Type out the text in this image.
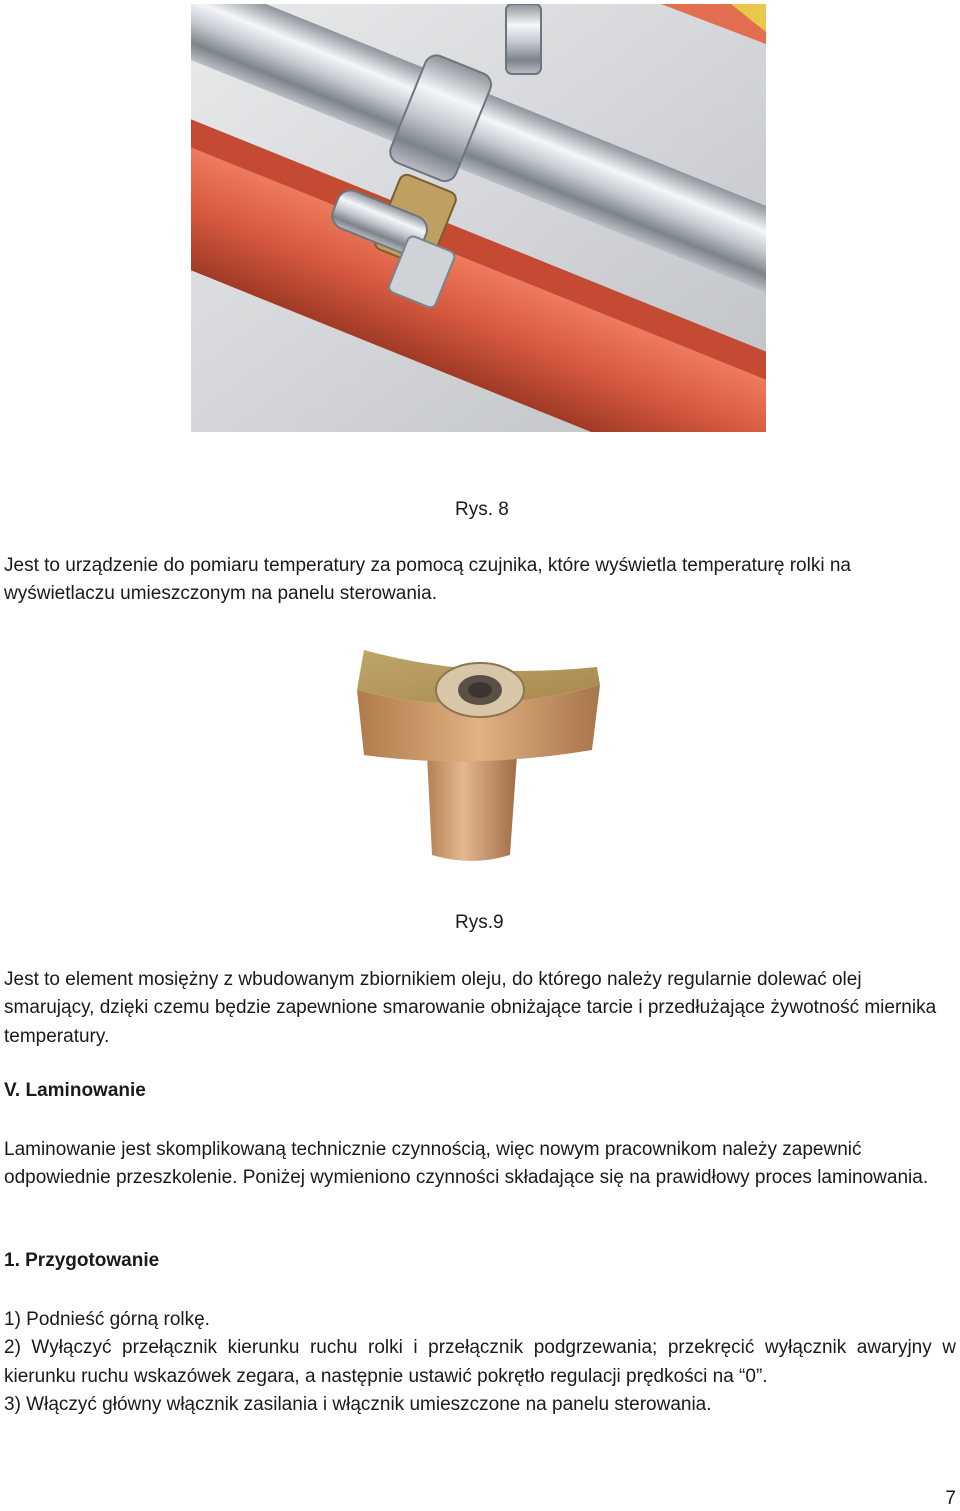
Rys. 8

Jest to urządzenie do pomiaru temperatury za pomocą czujnika, które wyświetla temperaturę rolki na wyświetlaczu umieszczonym na panelu sterowania.

Rys.9

Jest to element mosiężny z wbudowanym zbiornikiem oleju, do którego należy regularnie dolewać olej smarujący, dzięki czemu będzie zapewnione smarowanie obniżające tarcie i przedłużające żywotność miernika temperatury.

V. Laminowanie

Laminowanie jest skomplikowaną technicznie czynnością, więc nowym pracownikom należy zapewnić odpowiednie przeszkolenie. Poniżej wymieniono czynności składające się na prawidłowy proces laminowania.

1. Przygotowanie
1) Podnieść górną rolkę.
2) Wyłączyć przełącznik kierunku ruchu rolki i przełącznik podgrzewania; przekręcić wyłącznik awaryjny w kierunku ruchu wskazówek zegara, a następnie ustawić pokrętło regulacji prędkości na “0”.
3) Włączyć główny włącznik zasilania i włącznik umieszczone na panelu sterowania.
7
